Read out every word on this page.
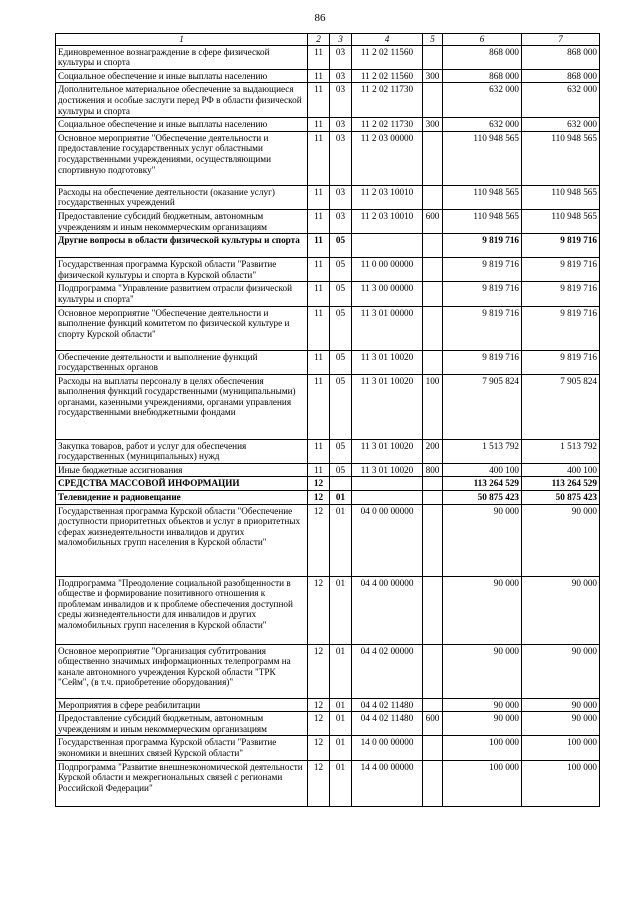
86
1	2	3	4	5	6	7
Единовременное вознаграждение в сфере физической культуры и спорта	11	03	11 2 02 11560		868 000	868 000
Социальное обеспечение и иные выплаты населению	11	03	11 2 02 11560	300	868 000	868 000
Дополнительное материальное обеспечение за выдающиеся достижения и особые заслуги перед РФ в области физической культуры и спорта	11	03	11 2 02 11730		632 000	632 000
Социальное обеспечение и иные выплаты населению	11	03	11 2 02 11730	300	632 000	632 000
Основное мероприятие "Обеспечение деятельности и предоставление государственных услуг областными государственными учреждениями, осуществляющими спортивную подготовку"	11	03	11 2 03 00000		110 948 565	110 948 565
Расходы на обеспечение деятельности (оказание услуг) государственных учреждений	11	03	11 2 03 10010		110 948 565	110 948 565
Предоставление субсидий бюджетным, автономным учреждениям и иным некоммерческим организациям	11	03	11 2 03 10010	600	110 948 565	110 948 565
Другие вопросы в области физической культуры и спорта	11	05			9 819 716	9 819 716
Государственная программа Курской области "Развитие физической культуры и спорта в Курской области"	11	05	11 0 00 00000		9 819 716	9 819 716
Подпрограмма "Управление развитием отрасли физической культуры и спорта"	11	05	11 3 00 00000		9 819 716	9 819 716
Основное мероприятие "Обеспечение деятельности и выполнение функций комитетом по физической культуре и спорту Курской области"	11	05	11 3 01 00000		9 819 716	9 819 716
Обеспечение деятельности и выполнение функций государственных органов	11	05	11 3 01 10020		9 819 716	9 819 716
Расходы на выплаты персоналу в целях обеспечения выполнения функций государственными (муниципальными) органами, казенными учреждениями, органами управления государственными внебюджетными фондами	11	05	11 3 01 10020	100	7 905 824	7 905 824
Закупка товаров, работ и услуг для обеспечения государственных (муниципальных) нужд	11	05	11 3 01 10020	200	1 513 792	1 513 792
Иные бюджетные ассигнования	11	05	11 3 01 10020	800	400 100	400 100
СРЕДСТВА МАССОВОЙ ИНФОРМАЦИИ	12				113 264 529	113 264 529
Телевидение и радиовещание	12	01			50 875 423	50 875 423
Государственная программа Курской области "Обеспечение доступности приоритетных объектов и услуг в приоритетных сферах жизнедеятельности инвалидов и других маломобильных групп населения в Курской области"	12	01	04 0 00 00000		90 000	90 000
Подпрограмма "Преодоление социальной разобщенности в обществе и формирование позитивного отношения к проблемам инвалидов и к проблеме обеспечения доступной среды жизнедеятельности для инвалидов и других маломобильных групп населения в Курской области"	12	01	04 4 00 00000		90 000	90 000
Основное мероприятие "Организация субтитрования общественно значимых информационных телепрограмм на канале автономного учреждения Курской области "ТРК "Сейм", (в т.ч. приобретение оборудования)"	12	01	04 4 02 00000		90 000	90 000
Мероприятия в сфере реабилитации	12	01	04 4 02 11480		90 000	90 000
Предоставление субсидий бюджетным, автономным учреждениям и иным некоммерческим организациям	12	01	04 4 02 11480	600	90 000	90 000
Государственная программа Курской области "Развитие экономики и внешних связей Курской области"	12	01	14 0 00 00000		100 000	100 000
Подпрограмма "Развитие внешнеэкономической деятельности Курской области и межрегиональных связей с регионами Российской Федерации"	12	01	14 4 00 00000		100 000	100 000
